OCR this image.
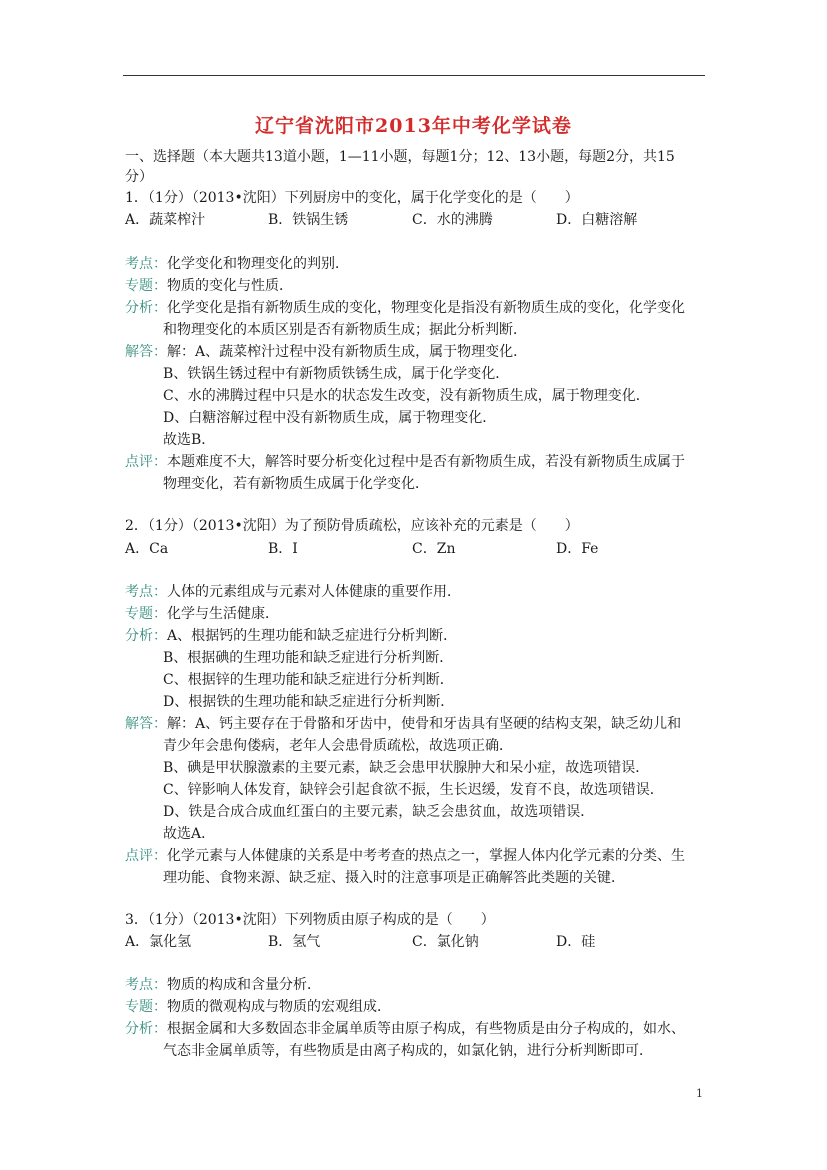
辽宁省沈阳市2013年中考化学试卷
一、选择题（本大题共13道小题，1—11小题，每题1分；12、13小题，每题2分，共15
分）
1．（1分）（2013•沈阳）下列厨房中的变化，属于化学变化的是（　　）
A．蔬菜榨汁	B．铁锅生锈	C．水的沸腾	D．白糖溶解
考点：化学变化和物理变化的判别．
专题：物质的变化与性质．
分析：化学变化是指有新物质生成的变化，物理变化是指没有新物质生成的变化，化学变化
和物理变化的本质区别是否有新物质生成；据此分析判断．
解答：解：A、蔬菜榨汁过程中没有新物质生成，属于物理变化．
B、铁锅生锈过程中有新物质铁锈生成，属于化学变化．
C、水的沸腾过程中只是水的状态发生改变，没有新物质生成，属于物理变化．
D、白糖溶解过程中没有新物质生成，属于物理变化．
故选B．
点评：本题难度不大，解答时要分析变化过程中是否有新物质生成，若没有新物质生成属于
物理变化，若有新物质生成属于化学变化．
2．（1分）（2013•沈阳）为了预防骨质疏松，应该补充的元素是（　　）
A．Ca	B．I	C．Zn	D．Fe
考点：人体的元素组成与元素对人体健康的重要作用．
专题：化学与生活健康．
分析：A、根据钙的生理功能和缺乏症进行分析判断．
B、根据碘的生理功能和缺乏症进行分析判断．
C、根据锌的生理功能和缺乏症进行分析判断．
D、根据铁的生理功能和缺乏症进行分析判断．
解答：解：A、钙主要存在于骨骼和牙齿中，使骨和牙齿具有坚硬的结构支架，缺乏幼儿和
青少年会患佝偻病，老年人会患骨质疏松，故选项正确．
B、碘是甲状腺激素的主要元素，缺乏会患甲状腺肿大和呆小症，故选项错误．
C、锌影响人体发育，缺锌会引起食欲不振，生长迟缓，发育不良，故选项错误．
D、铁是合成合成血红蛋白的主要元素，缺乏会患贫血，故选项错误．
故选A．
点评：化学元素与人体健康的关系是中考考查的热点之一，掌握人体内化学元素的分类、生
理功能、食物来源、缺乏症、摄入时的注意事项是正确解答此类题的关键．
3．（1分）（2013•沈阳）下列物质由原子构成的是（　　）
A．氯化氢	B．氢气	C．氯化钠	D．硅
考点：物质的构成和含量分析．
专题：物质的微观构成与物质的宏观组成．
分析：根据金属和大多数固态非金属单质等由原子构成，有些物质是由分子构成的，如水、
气态非金属单质等，有些物质是由离子构成的，如氯化钠，进行分析判断即可．
1
